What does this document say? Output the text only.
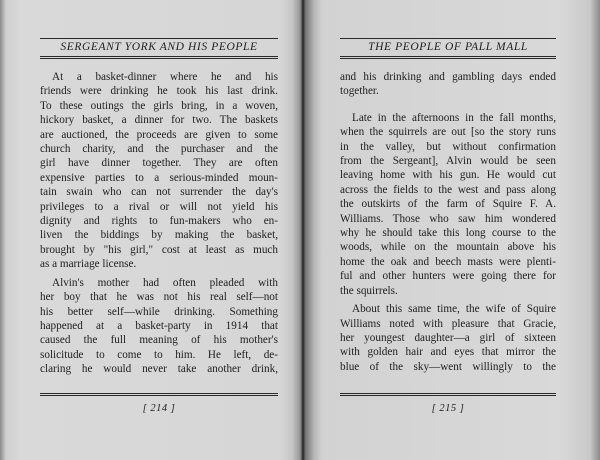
SERGEANT YORK AND HIS PEOPLE

At a basket-dinner where he and his
friends were drinking he took his last drink.
To these outings the girls bring, in a woven,
hickory basket, a dinner for two. The baskets
are auctioned, the proceeds are given to some
church charity, and the purchaser and the
girl have dinner together. They are often
expensive parties to a serious-minded moun-
tain swain who can not surrender the day's
privileges to a rival or will not yield his
dignity and rights to fun-makers who en-
liven the biddings by making the basket,
brought by "his girl," cost at least as much
as a marriage license.

Alvin's mother had often pleaded with
her boy that he was not his real self—not
his better self—while drinking. Something
happened at a basket-party in 1914 that
caused the full meaning of his mother's
solicitude to come to him. He left, de-
claring he would never take another drink,

[ 214 ]
THE PEOPLE OF PALL MALL

and his drinking and gambling days ended
together.

Late in the afternoons in the fall months,
when the squirrels are out [so the story runs
in the valley, but without confirmation
from the Sergeant], Alvin would be seen
leaving home with his gun. He would cut
across the fields to the west and pass along
the outskirts of the farm of Squire F. A.
Williams. Those who saw him wondered
why he should take this long course to the
woods, while on the mountain above his
home the oak and beech masts were plenti-
ful and other hunters were going there for
the squirrels.

About this same time, the wife of Squire
Williams noted with pleasure that Gracie,
her youngest daughter—a girl of sixteen
with golden hair and eyes that mirror the
blue of the sky—went willingly to the

[ 215 ]
